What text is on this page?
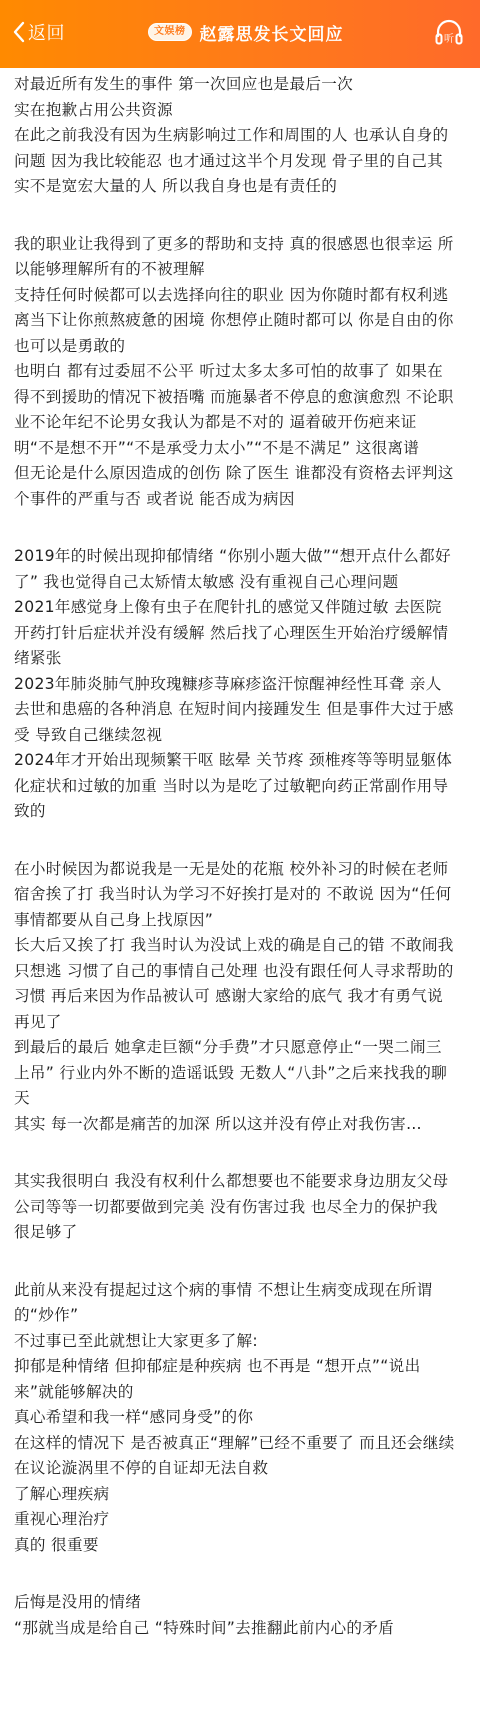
返回	文娱榜 赵露思发长文回应	听

对最近所有发生的事件 第一次回应也是最后一次

实在抱歉占用公共资源

在此之前我没有因为生病影响过工作和周围的人 也承认自身的问题 因为我比较能忍 也才通过这半个月发现 骨子里的自己其实不是宽宏大量的人 所以我自身也是有责任的

我的职业让我得到了更多的帮助和支持 真的很感恩也很幸运 所以能够理解所有的不被理解

支持任何时候都可以去选择向往的职业 因为你随时都有权利逃离当下让你煎熬疲惫的困境 你想停止随时都可以 你是自由的你也可以是勇敢的

也明白 都有过委屈不公平 听过太多太多可怕的故事了 如果在得不到援助的情况下被捂嘴 而施暴者不停息的愈演愈烈 不论职业不论年纪不论男女我认为都是不对的 逼着破开伤疤来证明“不是想不开”“不是承受力太小”“不是不满足” 这很离谱

但无论是什么原因造成的创伤 除了医生 谁都没有资格去评判这个事件的严重与否 或者说 能否成为病因

2019年的时候出现抑郁情绪 “你别小题大做”“想开点什么都好了” 我也觉得自己太矫情太敏感 没有重视自己心理问题

2021年感觉身上像有虫子在爬针扎的感觉又伴随过敏 去医院开药打针后症状并没有缓解 然后找了心理医生开始治疗缓解情绪紧张

2023年肺炎肺气肿玫瑰糠疹荨麻疹盗汗惊醒神经性耳聋 亲人去世和患癌的各种消息 在短时间内接踵发生 但是事件大过于感受 导致自己继续忽视

2024年才开始出现频繁干呕 眩晕 关节疼 颈椎疼等等明显躯体化症状和过敏的加重 当时以为是吃了过敏靶向药正常副作用导致的

在小时候因为都说我是一无是处的花瓶 校外补习的时候在老师宿舍挨了打 我当时认为学习不好挨打是对的 不敢说 因为“任何事情都要从自己身上找原因”

长大后又挨了打 我当时认为没试上戏的确是自己的错 不敢闹我只想逃 习惯了自己的事情自己处理 也没有跟任何人寻求帮助的习惯 再后来因为作品被认可 感谢大家给的底气 我才有勇气说再见了

到最后的最后 她拿走巨额“分手费”才只愿意停止“一哭二闹三上吊” 行业内外不断的造谣诋毁 无数人“八卦”之后来找我的聊天

其实 每一次都是痛苦的加深 所以这并没有停止对我伤害…

其实我很明白 我没有权利什么都想要也不能要求身边朋友父母公司等等一切都要做到完美 没有伤害过我 也尽全力的保护我 很足够了

此前从来没有提起过这个病的事情 不想让生病变成现在所谓的“炒作”

不过事已至此就想让大家更多了解:

抑郁是种情绪 但抑郁症是种疾病 也不再是 “想开点”“说出来”就能够解决的

真心希望和我一样“感同身受”的你

在这样的情况下 是否被真正“理解”已经不重要了 而且还会继续在议论漩涡里不停的自证却无法自救

了解心理疾病

重视心理治疗

真的 很重要

后悔是没用的情绪

“那就当成是给自己 “特殊时间”去推翻此前内心的矛盾
